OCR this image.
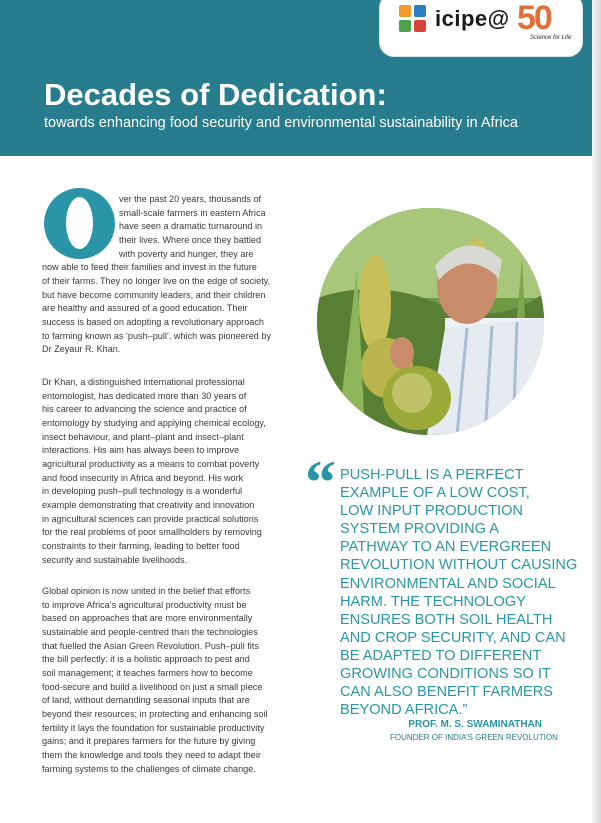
icipe@ 50
Science for Life
Decades of Dedication:
towards enhancing food security and environmental sustainability in Africa

ver the past 20 years, thousands of
small-scale farmers in eastern Africa
have seen a dramatic turnaround in
their lives. Where once they battled
with poverty and hunger, they are
now able to feed their families and invest in the future
of their farms. They no longer live on the edge of society,
but have become community leaders, and their children
are healthy and assured of a good education. Their
success is based on adopting a revolutionary approach
to farming known as ‘push–pull’, which was pioneered by
Dr Zeyaur R. Khan.

Dr Khan, a distinguished international professional
entomologist, has dedicated more than 30 years of
his career to advancing the science and practice of
entomology by studying and applying chemical ecology,
insect behaviour, and plant–plant and insect–plant
interactions. His aim has always been to improve
agricultural productivity as a means to combat poverty
and food insecurity in Africa and beyond. His work
in developing push–pull technology is a wonderful
example demonstrating that creativity and innovation
in agricultural sciences can provide practical solutions
for the real problems of poor smallholders by removing
constraints to their farming, leading to better food
security and sustainable livelihoods.

Global opinion is now united in the belief that efforts
to improve Africa’s agricultural productivity must be
based on approaches that are more environmentally
sustainable and people-centred than the technologies
that fuelled the Asian Green Revolution. Push–pull fits
the bill perfectly: it is a holistic approach to pest and
soil management; it teaches farmers how to become
food-secure and build a livelihood on just a small piece
of land, without demanding seasonal inputs that are
beyond their resources; in protecting and enhancing soil
fertility it lays the foundation for sustainable productivity
gains; and it prepares farmers for the future by giving
them the knowledge and tools they need to adapt their
farming systems to the challenges of climate change.

“ PUSH-PULL IS A PERFECT
EXAMPLE OF A LOW COST,
LOW INPUT PRODUCTION
SYSTEM PROVIDING A
PATHWAY TO AN EVERGREEN
REVOLUTION WITHOUT CAUSING
ENVIRONMENTAL AND SOCIAL
HARM. THE TECHNOLOGY
ENSURES BOTH SOIL HEALTH
AND CROP SECURITY, AND CAN
BE ADAPTED TO DIFFERENT
GROWING CONDITIONS SO IT
CAN ALSO BENEFIT FARMERS
BEYOND AFRICA.”
PROF. M. S. SWAMINATHAN
FOUNDER OF INDIA’S GREEN REVOLUTION
